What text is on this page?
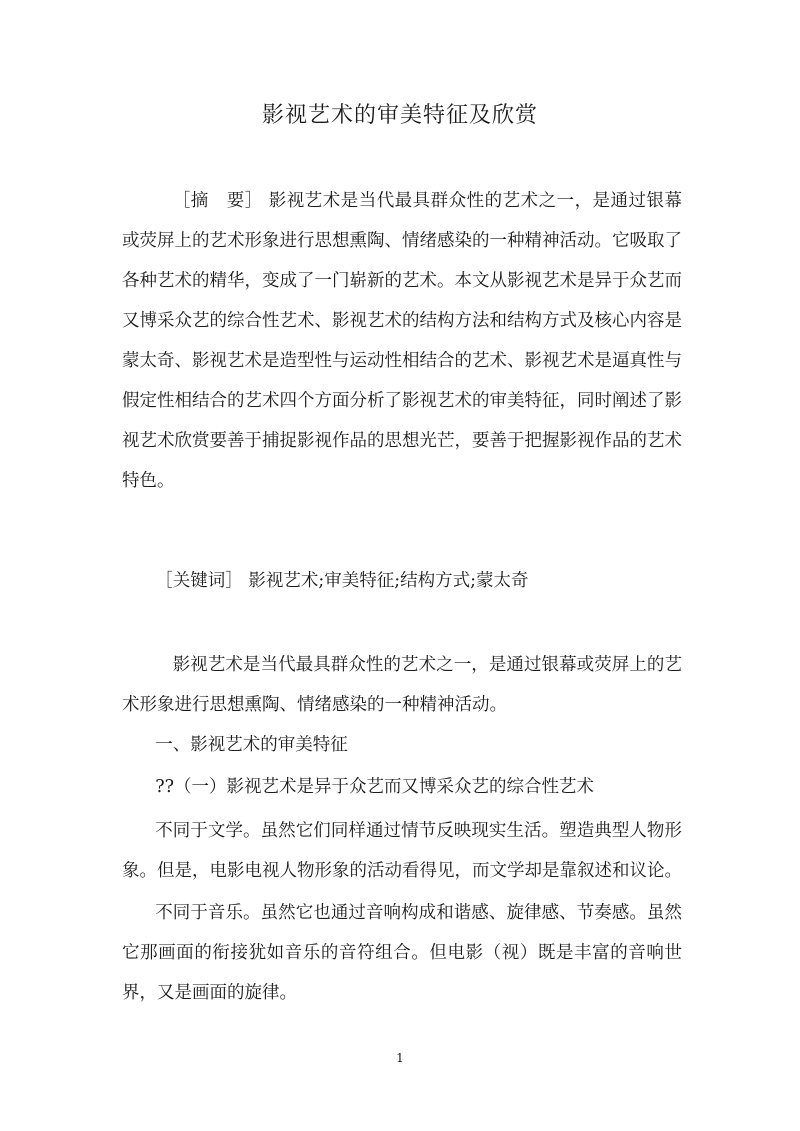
影视艺术的审美特征及欣赏
［摘　要］ 影视艺术是当代最具群众性的艺术之一，是通过银幕或荧屏上的艺术形象进行思想熏陶、情绪感染的一种精神活动。它吸取了各种艺术的精华，变成了一门崭新的艺术。本文从影视艺术是异于众艺而又博采众艺的综合性艺术、影视艺术的结构方法和结构方式及核心内容是蒙太奇、影视艺术是造型性与运动性相结合的艺术、影视艺术是逼真性与假定性相结合的艺术四个方面分析了影视艺术的审美特征，同时阐述了影视艺术欣赏要善于捕捉影视作品的思想光芒，要善于把握影视作品的艺术特色。
［关键词］ 影视艺术;审美特征;结构方式;蒙太奇
影视艺术是当代最具群众性的艺术之一，是通过银幕或荧屏上的艺术形象进行思想熏陶、情绪感染的一种精神活动。
一、影视艺术的审美特征
??（一）影视艺术是异于众艺而又博采众艺的综合性艺术
不同于文学。虽然它们同样通过情节反映现实生活。塑造典型人物形象。但是，电影电视人物形象的活动看得见，而文学却是靠叙述和议论。
不同于音乐。虽然它也通过音响构成和谐感、旋律感、节奏感。虽然它那画面的衔接犹如音乐的音符组合。但电影（视）既是丰富的音响世界，又是画面的旋律。
1
